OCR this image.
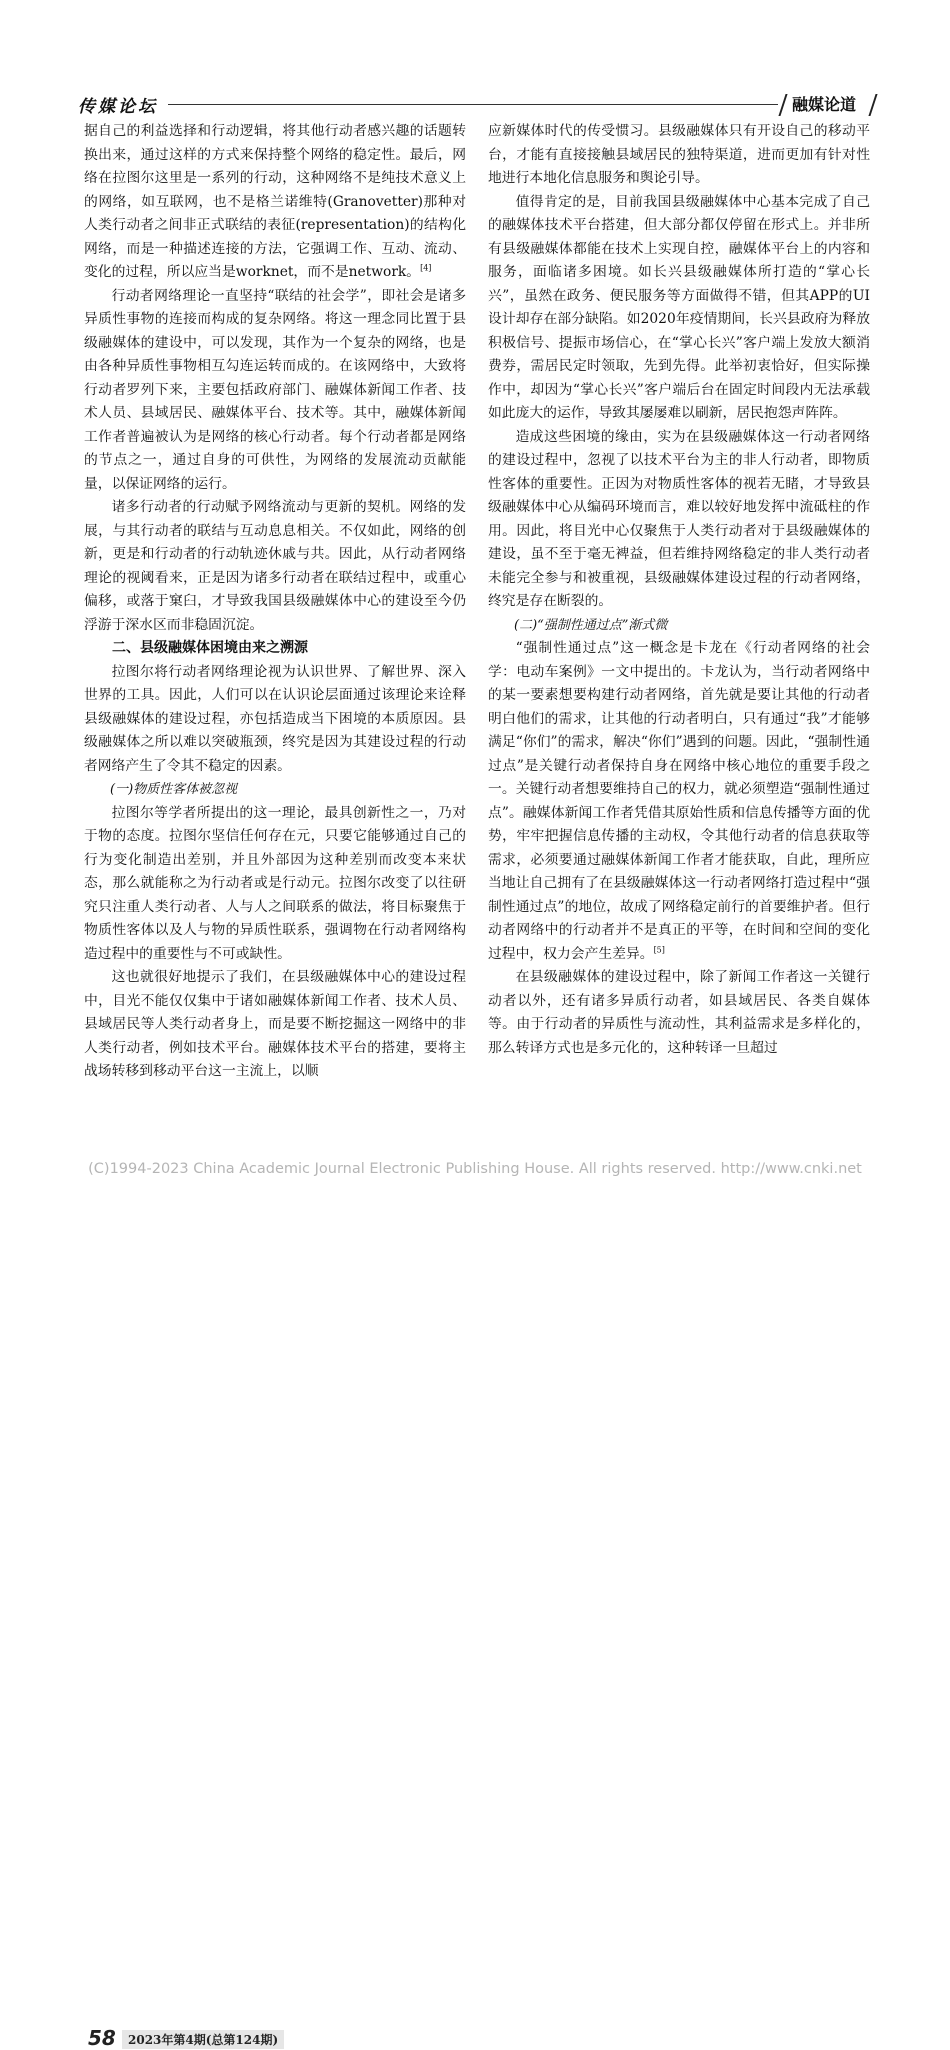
传媒论坛	融媒论道

据自己的利益选择和行动逻辑，将其他行动者感兴趣的话题转换出来，通过这样的方式来保持整个网络的稳定性。最后，网络在拉图尔这里是一系列的行动，这种网络不是纯技术意义上的网络，如互联网，也不是格兰诺维特(Granovetter)那种对人类行动者之间非正式联结的表征(representation)的结构化网络，而是一种描述连接的方法，它强调工作、互动、流动、变化的过程，所以应当是worknet，而不是network。[4]

行动者网络理论一直坚持“联结的社会学”，即社会是诸多异质性事物的连接而构成的复杂网络。将这一理念同比置于县级融媒体的建设中，可以发现，其作为一个复杂的网络，也是由各种异质性事物相互勾连运转而成的。在该网络中，大致将行动者罗列下来，主要包括政府部门、融媒体新闻工作者、技术人员、县域居民、融媒体平台、技术等。其中，融媒体新闻工作者普遍被认为是网络的核心行动者。每个行动者都是网络的节点之一，通过自身的可供性，为网络的发展流动贡献能量，以保证网络的运行。

诸多行动者的行动赋予网络流动与更新的契机。网络的发展，与其行动者的联结与互动息息相关。不仅如此，网络的创新，更是和行动者的行动轨迹休戚与共。因此，从行动者网络理论的视阈看来，正是因为诸多行动者在联结过程中，或重心偏移，或落于窠臼，才导致我国县级融媒体中心的建设至今仍浮游于深水区而非稳固沉淀。

二、县级融媒体困境由来之溯源

拉图尔将行动者网络理论视为认识世界、了解世界、深入世界的工具。因此，人们可以在认识论层面通过该理论来诠释县级融媒体的建设过程，亦包括造成当下困境的本质原因。县级融媒体之所以难以突破瓶颈，终究是因为其建设过程的行动者网络产生了令其不稳定的因素。

(一)物质性客体被忽视

拉图尔等学者所提出的这一理论，最具创新性之一，乃对于物的态度。拉图尔坚信任何存在元，只要它能够通过自己的行为变化制造出差别，并且外部因为这种差别而改变本来状态，那么就能称之为行动者或是行动元。拉图尔改变了以往研究只注重人类行动者、人与人之间联系的做法，将目标聚焦于物质性客体以及人与物的异质性联系，强调物在行动者网络构造过程中的重要性与不可或缺性。

这也就很好地提示了我们，在县级融媒体中心的建设过程中，目光不能仅仅集中于诸如融媒体新闻工作者、技术人员、县域居民等人类行动者身上，而是要不断挖掘这一网络中的非人类行动者，例如技术平台。融媒体技术平台的搭建，要将主战场转移到移动平台这一主流上，以顺

应新媒体时代的传受惯习。县级融媒体只有开设自己的移动平台，才能有直接接触县域居民的独特渠道，进而更加有针对性地进行本地化信息服务和舆论引导。

值得肯定的是，目前我国县级融媒体中心基本完成了自己的融媒体技术平台搭建，但大部分都仅停留在形式上。并非所有县级融媒体都能在技术上实现自控，融媒体平台上的内容和服务，面临诸多困境。如长兴县级融媒体所打造的“掌心长兴”，虽然在政务、便民服务等方面做得不错，但其APP的UI设计却存在部分缺陷。如2020年疫情期间，长兴县政府为释放积极信号、提振市场信心，在“掌心长兴”客户端上发放大额消费券，需居民定时领取，先到先得。此举初衷恰好，但实际操作中，却因为“掌心长兴”客户端后台在固定时间段内无法承载如此庞大的运作，导致其屡屡难以刷新，居民抱怨声阵阵。

造成这些困境的缘由，实为在县级融媒体这一行动者网络的建设过程中，忽视了以技术平台为主的非人行动者，即物质性客体的重要性。正因为对物质性客体的视若无睹，才导致县级融媒体中心从编码环境而言，难以较好地发挥中流砥柱的作用。因此，将目光中心仅聚焦于人类行动者对于县级融媒体的建设，虽不至于毫无裨益，但若维持网络稳定的非人类行动者未能完全参与和被重视，县级融媒体建设过程的行动者网络，终究是存在断裂的。

(二)“强制性通过点”渐式微

“强制性通过点”这一概念是卡龙在《行动者网络的社会学：电动车案例》一文中提出的。卡龙认为，当行动者网络中的某一要素想要构建行动者网络，首先就是要让其他的行动者明白他们的需求，让其他的行动者明白，只有通过“我”才能够满足“你们”的需求，解决“你们”遇到的问题。因此，“强制性通过点”是关键行动者保持自身在网络中核心地位的重要手段之一。关键行动者想要维持自己的权力，就必须塑造“强制性通过点”。融媒体新闻工作者凭借其原始性质和信息传播等方面的优势，牢牢把握信息传播的主动权，令其他行动者的信息获取等需求，必须要通过融媒体新闻工作者才能获取，自此，理所应当地让自己拥有了在县级融媒体这一行动者网络打造过程中“强制性通过点”的地位，故成了网络稳定前行的首要维护者。但行动者网络中的行动者并不是真正的平等，在时间和空间的变化过程中，权力会产生差异。[5]

在县级融媒体的建设过程中，除了新闻工作者这一关键行动者以外，还有诸多异质行动者，如县域居民、各类自媒体等。由于行动者的异质性与流动性，其利益需求是多样化的，那么转译方式也是多元化的，这种转译一旦超过

58	2023年第4期(总第124期)
(C)1994-2023 China Academic Journal Electronic Publishing House. All rights reserved. http://www.cnki.net
